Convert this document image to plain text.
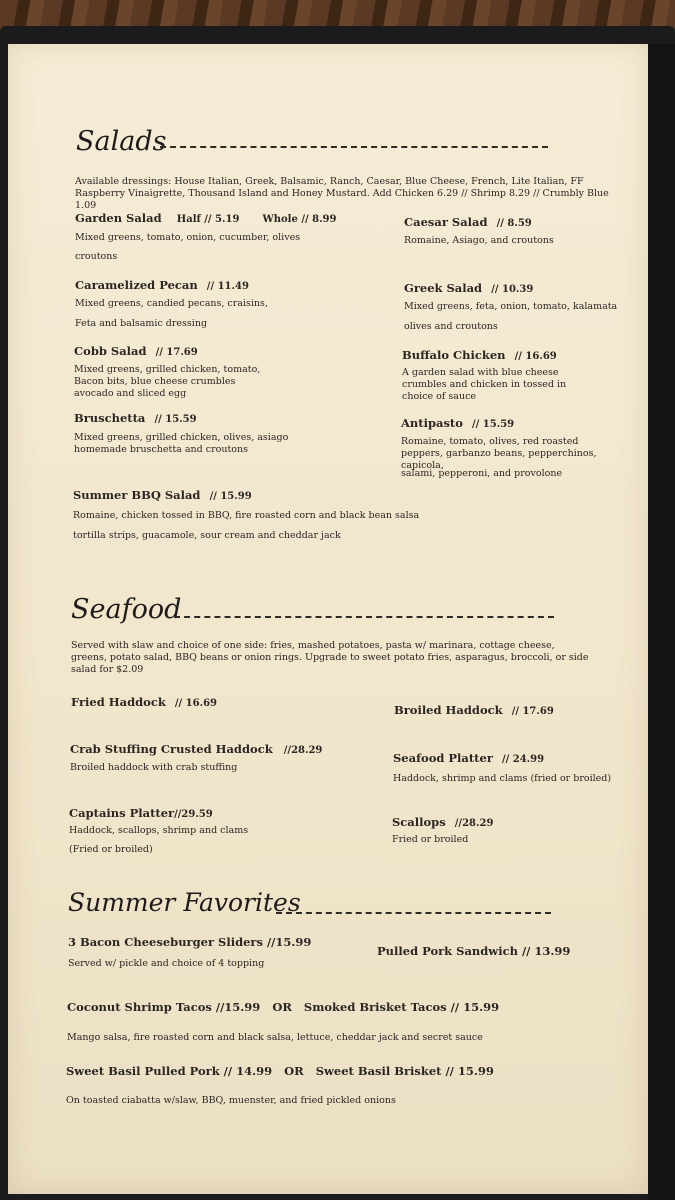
Salads
Available dressings: House Italian, Greek, Balsamic, Ranch, Caesar, Blue Cheese, French, Lite Italian, FF Raspberry Vinaigrette, Thousand Island and Honey Mustard. Add Chicken 6.29 // Shrimp 8.29 // Crumbly Blue 1.09
Garden Salad Half // 5.19 Whole // 8.99
Mixed greens, tomato, onion, cucumber, olives
croutons
Caesar Salad // 8.59
Romaine, Asiago, and croutons
Caramelized Pecan // 11.49
Mixed greens, candied pecans, craisins,
Feta and balsamic dressing
Greek Salad // 10.39
Mixed greens, feta, onion, tomato, kalamata
olives and croutons
Cobb Salad // 17.69
Mixed greens, grilled chicken, tomato, Bacon bits, blue cheese crumbles avocado and sliced egg
Buffalo Chicken // 16.69
A garden salad with blue cheese crumbles and chicken in tossed in choice of sauce
Bruschetta // 15.59
Mixed greens, grilled chicken, olives, asiago homemade bruschetta and croutons
Antipasto // 15.59
Romaine, tomato, olives, red roasted peppers, garbanzo beans, pepperchinos, capicola,
salami, pepperoni, and provolone
Summer BBQ Salad // 15.99
Romaine, chicken tossed in BBQ, fire roasted corn and black bean salsa
tortilla strips, guacamole, sour cream and cheddar jack
Seafood
Served with slaw and choice of one side: fries, mashed potatoes, pasta w/ marinara, cottage cheese, greens, potato salad, BBQ beans or onion rings. Upgrade to sweet potato fries, asparagus, broccoli, or side salad for $2.09
Fried Haddock // 16.69	Broiled Haddock // 17.69
Crab Stuffing Crusted Haddock //28.29
Broiled haddock with crab stuffing
Seafood Platter // 24.99
Haddock, shrimp and clams (fried or broiled)
Captains Platter//29.59
Haddock, scallops, shrimp and clams
(Fried or broiled)
Scallops //28.29
Fried or broiled
Summer Favorites
3 Bacon Cheeseburger Sliders //15.99
Served w/ pickle and choice of 4 topping
Pulled Pork Sandwich // 13.99
Coconut Shrimp Tacos //15.99   OR   Smoked Brisket Tacos // 15.99
Mango salsa, fire roasted corn and black salsa, lettuce, cheddar jack and secret sauce
Sweet Basil Pulled Pork // 14.99   OR   Sweet Basil Brisket // 15.99
On toasted ciabatta w/slaw, BBQ, muenster, and fried pickled onions
